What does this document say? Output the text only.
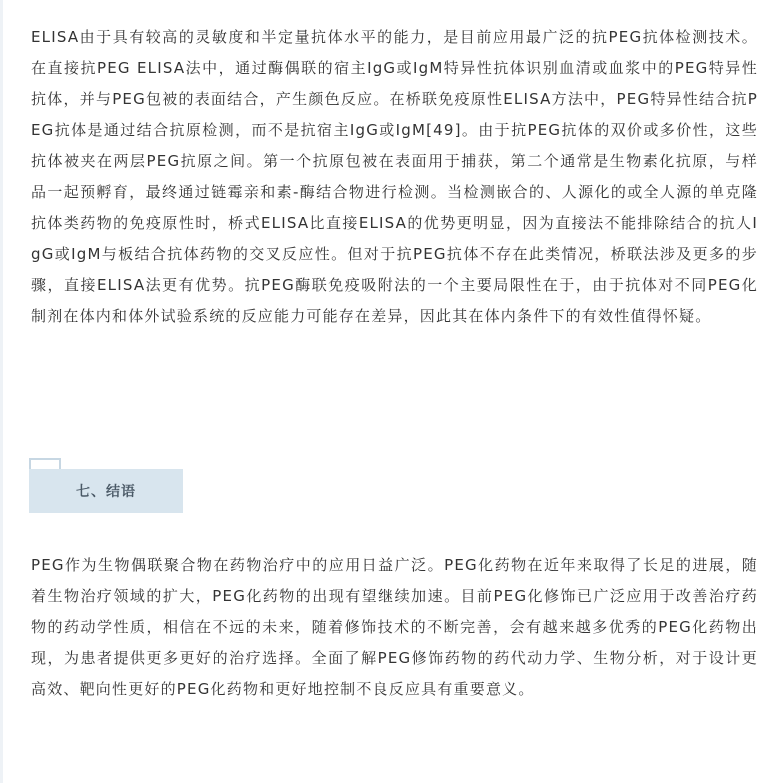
ELISA由于具有较高的灵敏度和半定量抗体水平的能力，是目前应用最广泛的抗PEG抗体检测技术。在直接抗PEG ELISA法中，通过酶偶联的宿主IgG或IgM特异性抗体识别血清或血浆中的PEG特异性抗体，并与PEG包被的表面结合，产生颜色反应。在桥联免疫原性ELISA方法中，PEG特异性结合抗PEG抗体是通过结合抗原检测，而不是抗宿主IgG或IgM[49]。由于抗PEG抗体的双价或多价性，这些抗体被夹在两层PEG抗原之间。第一个抗原包被在表面用于捕获，第二个通常是生物素化抗原，与样品一起预孵育，最终通过链霉亲和素-酶结合物进行检测。当检测嵌合的、人源化的或全人源的单克隆抗体类药物的免疫原性时，桥式ELISA比直接ELISA的优势更明显，因为直接法不能排除结合的抗人IgG或IgM与板结合抗体药物的交叉反应性。但对于抗PEG抗体不存在此类情况，桥联法涉及更多的步骤，直接ELISA法更有优势。抗PEG酶联免疫吸附法的一个主要局限性在于，由于抗体对不同PEG化制剂在体内和体外试验系统的反应能力可能存在差异，因此其在体内条件下的有效性值得怀疑。

七、结语

PEG作为生物偶联聚合物在药物治疗中的应用日益广泛。PEG化药物在近年来取得了长足的进展，随着生物治疗领域的扩大，PEG化药物的出现有望继续加速。目前PEG化修饰已广泛应用于改善治疗药物的药动学性质，相信在不远的未来，随着修饰技术的不断完善，会有越来越多优秀的PEG化药物出现，为患者提供更多更好的治疗选择。全面了解PEG修饰药物的药代动力学、生物分析，对于设计更高效、靶向性更好的PEG化药物和更好地控制不良反应具有重要意义。
